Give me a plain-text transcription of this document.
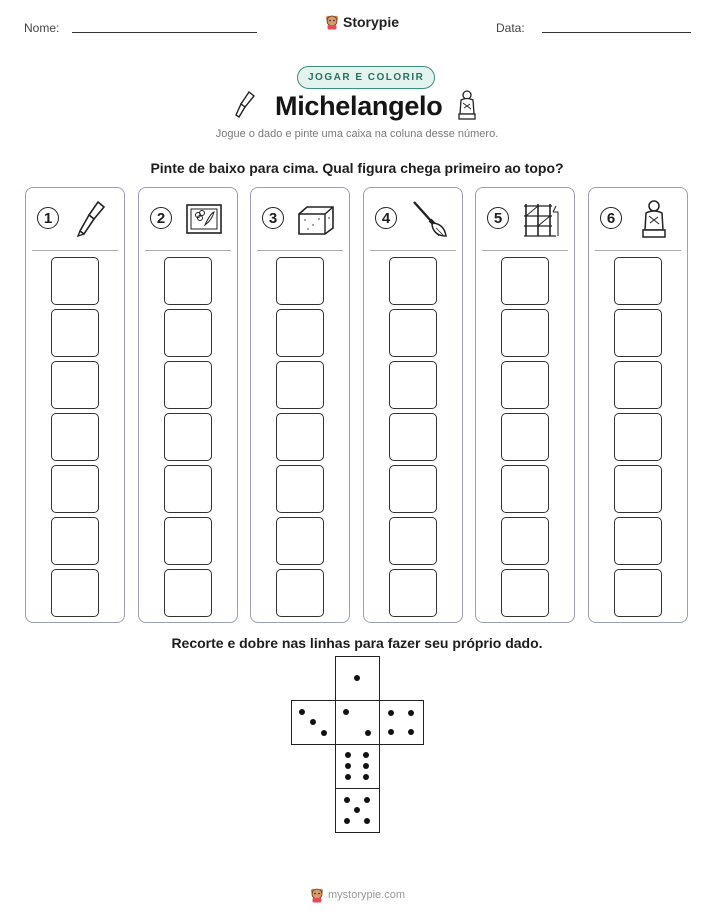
Nome:	Storypie	Data:
JOGAR E COLORIR
Michelangelo
Jogue o dado e pinte uma caixa na coluna desse número.
Pinte de baixo para cima. Qual figura chega primeiro ao topo?
1	2	3	4	5	6
Recorte e dobre nas linhas para fazer seu próprio dado.
mystorypie.com
